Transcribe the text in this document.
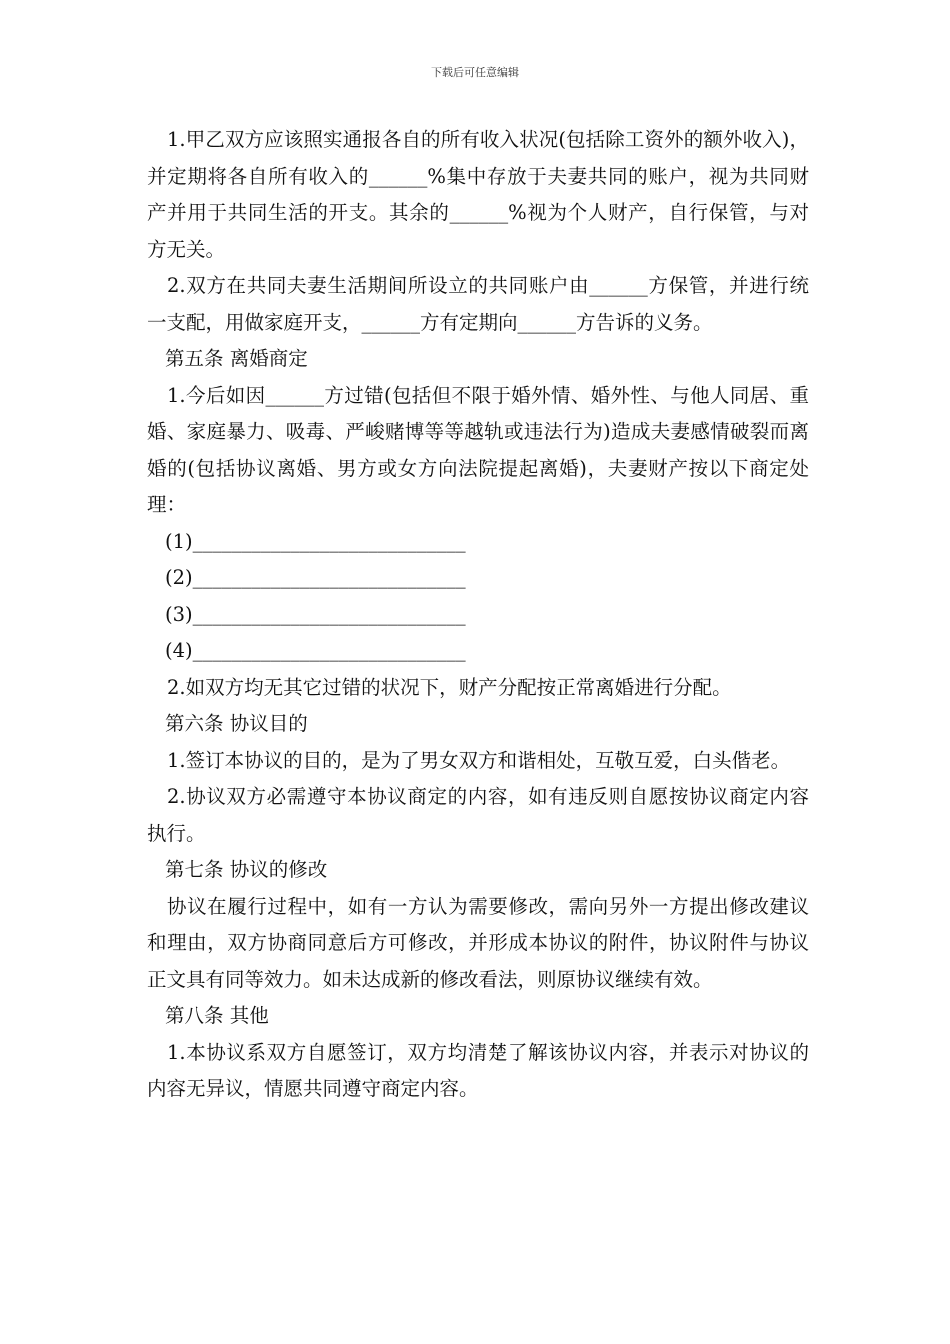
下载后可任意编辑

1.甲乙双方应该照实通报各自的所有收入状况(包括除工资外的额外收入)，并定期将各自所有收入的______%集中存放于夫妻共同的账户，视为共同财产并用于共同生活的开支。其余的______%视为个人财产，自行保管，与对方无关。

2.双方在共同夫妻生活期间所设立的共同账户由______方保管，并进行统一支配，用做家庭开支，______方有定期向______方告诉的义务。

第五条 离婚商定

1.今后如因______方过错(包括但不限于婚外情、婚外性、与他人同居、重婚、家庭暴力、吸毒、严峻赌博等等越轨或违法行为)造成夫妻感情破裂而离婚的(包括协议离婚、男方或女方向法院提起离婚)，夫妻财产按以下商定处理：

(1)____________________________

(2)____________________________

(3)____________________________

(4)____________________________

2.如双方均无其它过错的状况下，财产分配按正常离婚进行分配。

第六条 协议目的

1.签订本协议的目的，是为了男女双方和谐相处，互敬互爱，白头偕老。

2.协议双方必需遵守本协议商定的内容，如有违反则自愿按协议商定内容执行。

第七条 协议的修改

协议在履行过程中，如有一方认为需要修改，需向另外一方提出修改建议和理由，双方协商同意后方可修改，并形成本协议的附件，协议附件与协议正文具有同等效力。如未达成新的修改看法，则原协议继续有效。

第八条 其他

1.本协议系双方自愿签订，双方均清楚了解该协议内容，并表示对协议的内容无异议，情愿共同遵守商定内容。
